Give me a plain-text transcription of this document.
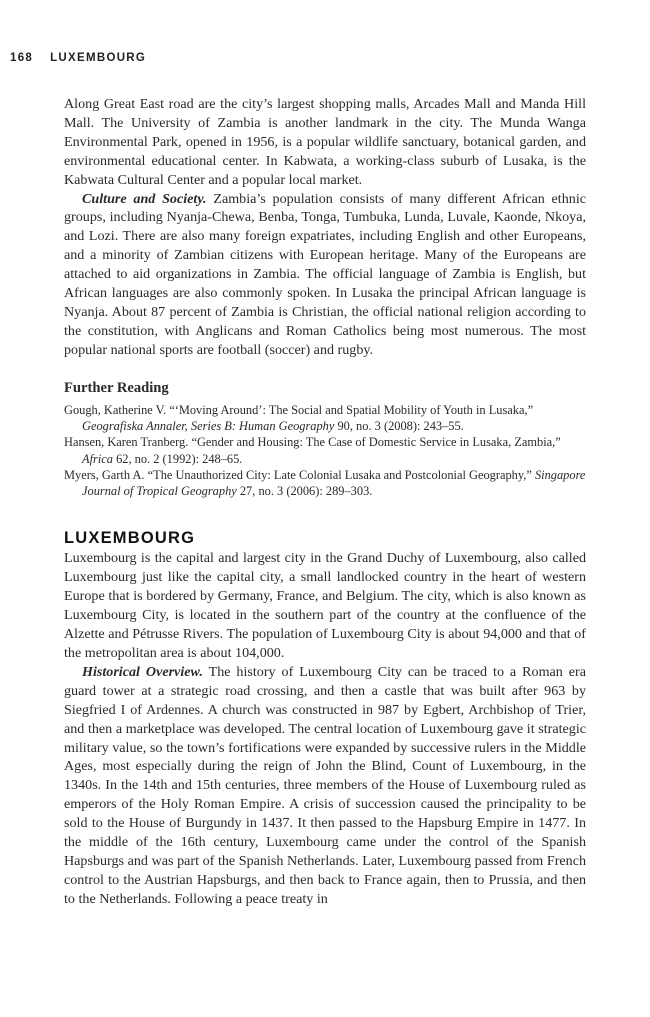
168 LUXEMBOURG

Along Great East road are the city’s largest shopping malls, Arcades Mall and Manda Hill Mall. The University of Zambia is another landmark in the city. The Munda Wanga Environmental Park, opened in 1956, is a popular wildlife sanctuary, botanical garden, and environmental educational center. In Kabwata, a working-class suburb of Lusaka, is the Kabwata Cultural Center and a popular local market.

Culture and Society. Zambia’s population consists of many different African ethnic groups, including Nyanja-Chewa, Benba, Tonga, Tumbuka, Lunda, Luvale, Kaonde, Nkoya, and Lozi. There are also many foreign expatriates, including English and other Europeans, and a minority of Zambian citizens with European heritage. Many of the Europeans are attached to aid organizations in Zambia. The official language of Zambia is English, but African languages are also commonly spoken. In Lusaka the principal African language is Nyanja. About 87 percent of Zambia is Christian, the official national religion according to the constitution, with Anglicans and Roman Catholics being most numerous. The most popular national sports are football (soccer) and rugby.

Further Reading

Gough, Katherine V. “‘Moving Around’: The Social and Spatial Mobility of Youth in Lusaka,” Geografiska Annaler, Series B: Human Geography 90, no. 3 (2008): 243–55.

Hansen, Karen Tranberg. “Gender and Housing: The Case of Domestic Service in Lusaka, Zambia,” Africa 62, no. 2 (1992): 248–65.

Myers, Garth A. “The Unauthorized City: Late Colonial Lusaka and Postcolonial Geography,” Singapore Journal of Tropical Geography 27, no. 3 (2006): 289–303.

LUXEMBOURG

Luxembourg is the capital and largest city in the Grand Duchy of Luxembourg, also called Luxembourg just like the capital city, a small landlocked country in the heart of western Europe that is bordered by Germany, France, and Belgium. The city, which is also known as Luxembourg City, is located in the southern part of the country at the confluence of the Alzette and Pétrusse Rivers. The population of Luxembourg City is about 94,000 and that of the metropolitan area is about 104,000.

Historical Overview. The history of Luxembourg City can be traced to a Roman era guard tower at a strategic road crossing, and then a castle that was built after 963 by Siegfried I of Ardennes. A church was constructed in 987 by Egbert, Archbishop of Trier, and then a marketplace was developed. The central location of Luxembourg gave it strategic military value, so the town’s fortifications were expanded by successive rulers in the Middle Ages, most especially during the reign of John the Blind, Count of Luxembourg, in the 1340s. In the 14th and 15th centuries, three members of the House of Luxembourg ruled as emperors of the Holy Roman Empire. A crisis of succession caused the principality to be sold to the House of Burgundy in 1437. It then passed to the Hapsburg Empire in 1477. In the middle of the 16th century, Luxembourg came under the control of the Spanish Hapsburgs and was part of the Spanish Netherlands. Later, Luxembourg passed from French control to the Austrian Hapsburgs, and then back to France again, then to Prussia, and then to the Netherlands. Following a peace treaty in
